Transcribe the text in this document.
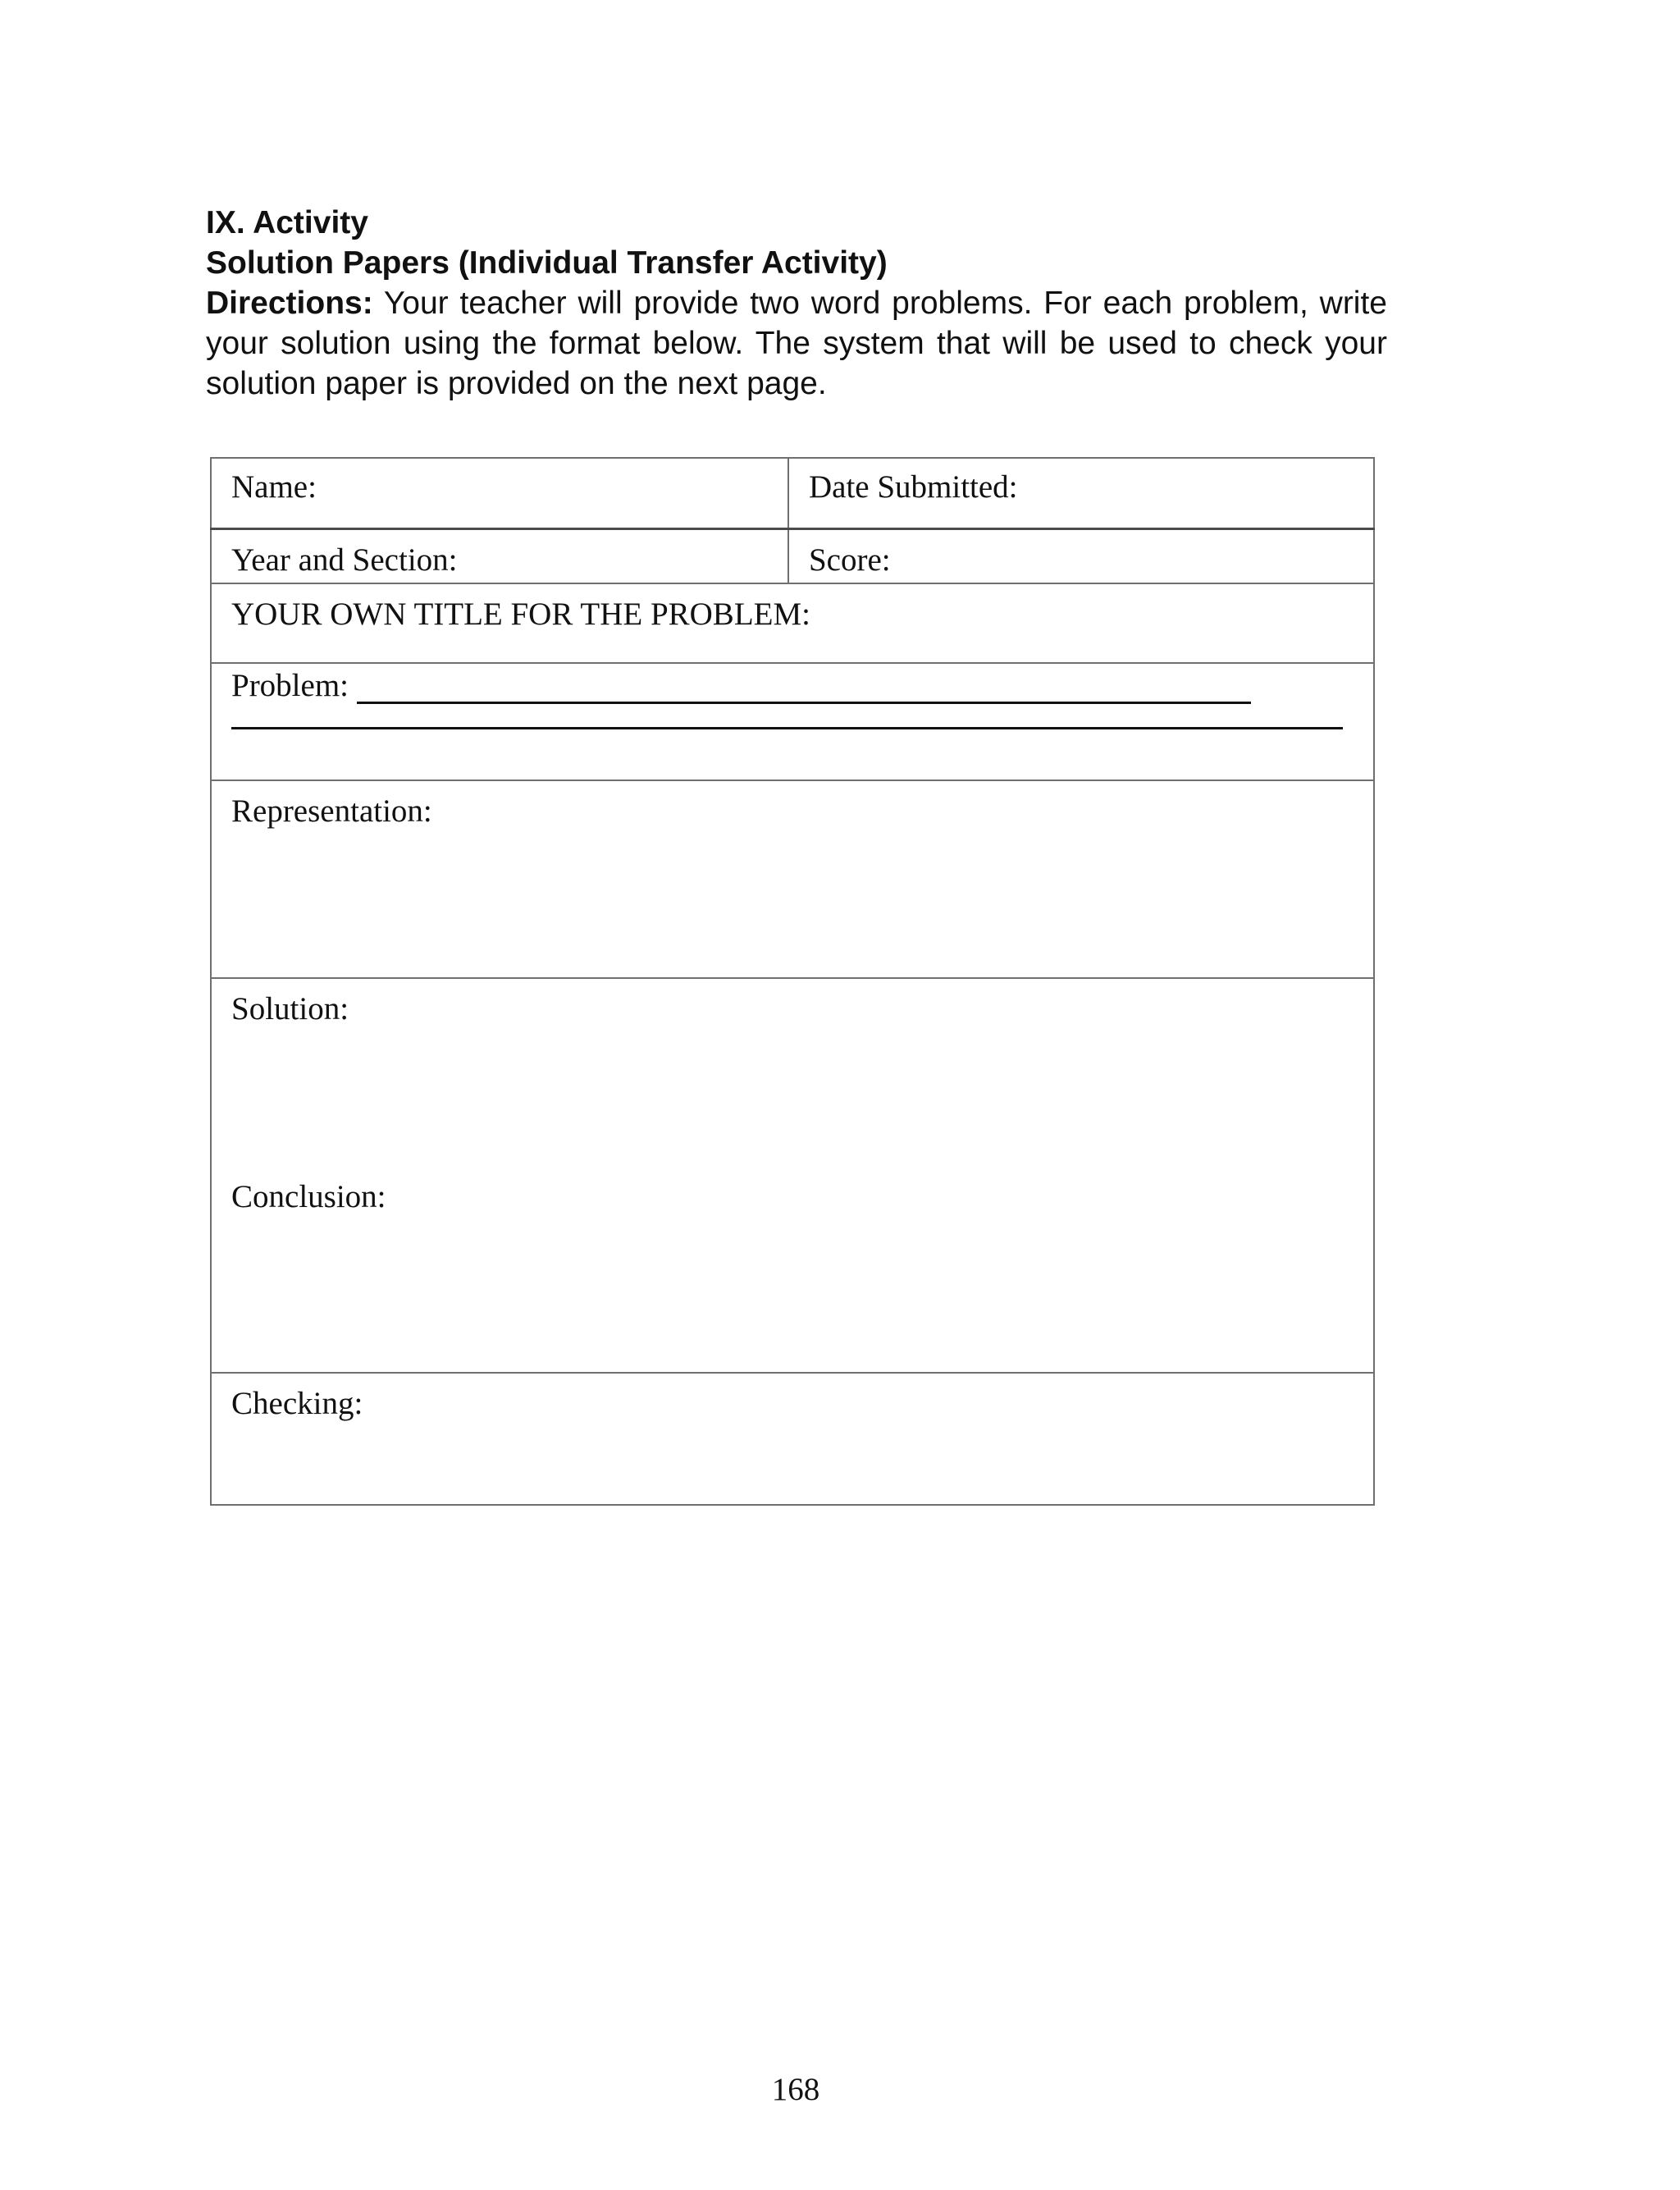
IX. Activity
Solution Papers (Individual Transfer Activity)
Directions: Your teacher will provide two word problems. For each problem, write your solution using the format below. The system that will be used to check your solution paper is provided on the next page.
Name:	Date Submitted:
Year and Section:	Score:
YOUR OWN TITLE FOR THE PROBLEM:	
Problem:	

Representation:	

Solution:
Conclusion:	

Checking:	
168
